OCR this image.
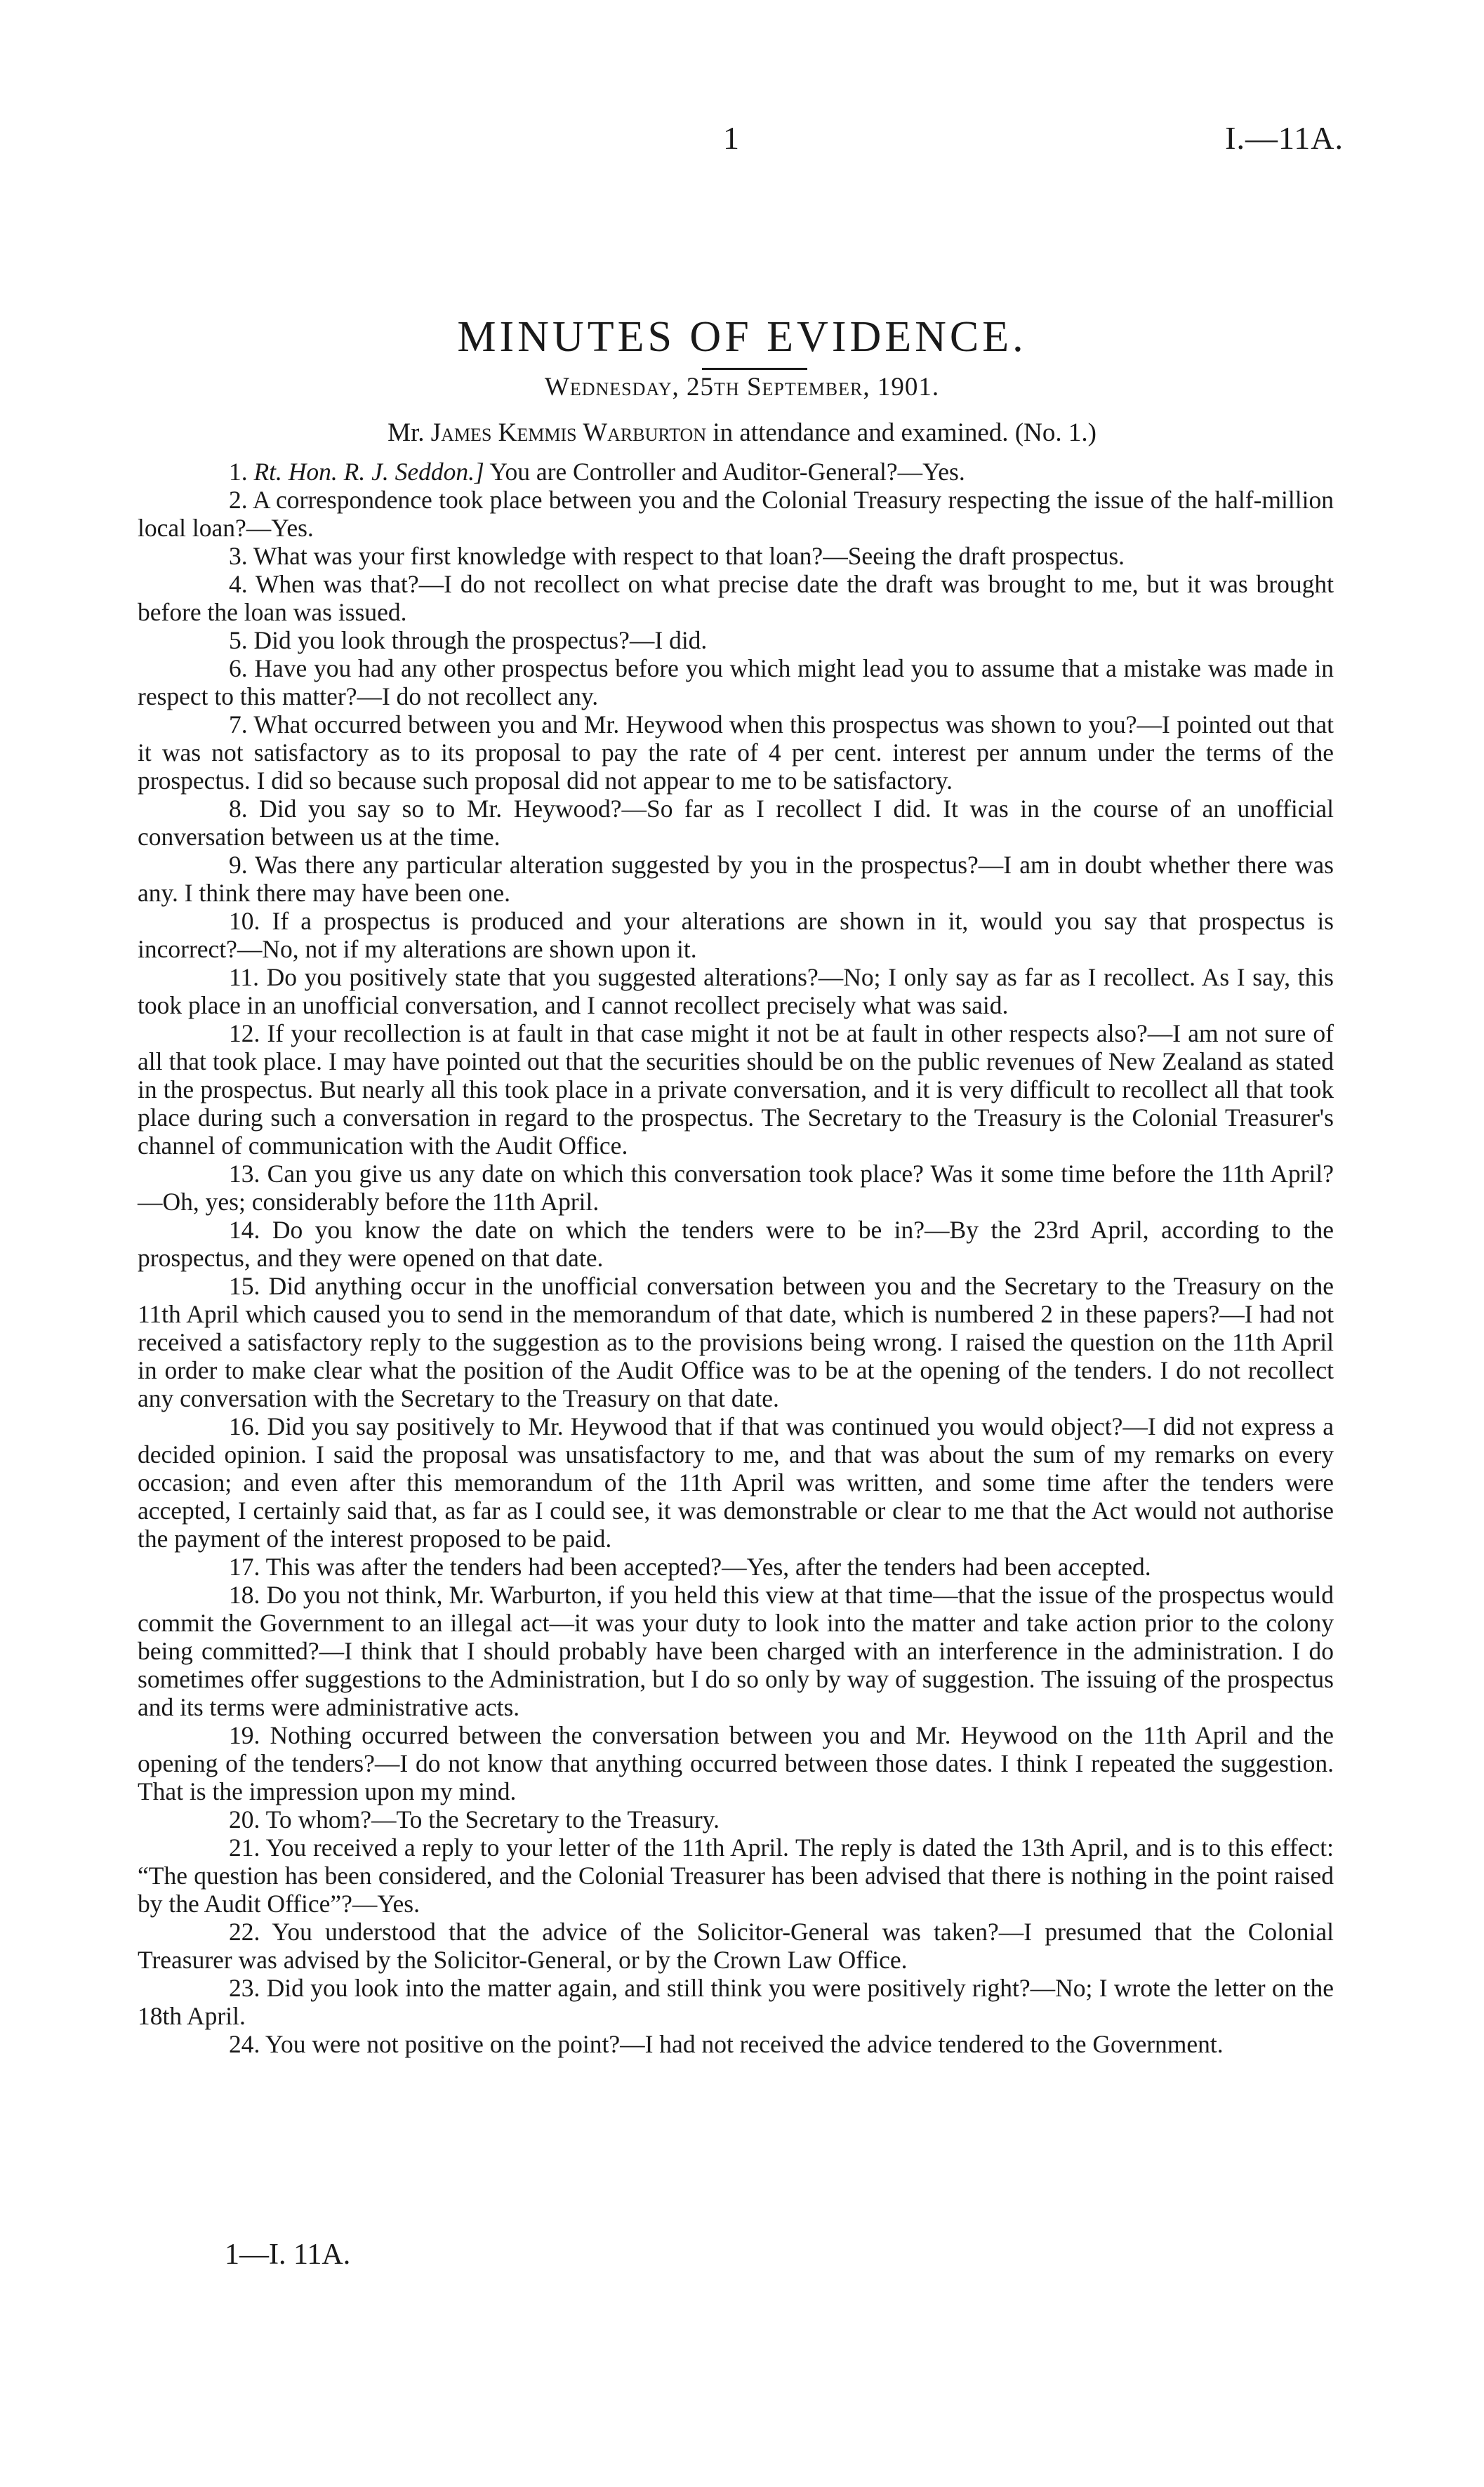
1	I.—11A.
MINUTES OF EVIDENCE.
Wednesday, 25th September, 1901.
Mr. James Kemmis Warburton in attendance and examined. (No. 1.)

1. Rt. Hon. R. J. Seddon.] You are Controller and Auditor-General?—Yes.

2. A correspondence took place between you and the Colonial Treasury respecting the issue of the half-million local loan?—Yes.

3. What was your first knowledge with respect to that loan?—Seeing the draft prospectus.

4. When was that?—I do not recollect on what precise date the draft was brought to me, but it was brought before the loan was issued.

5. Did you look through the prospectus?—I did.

6. Have you had any other prospectus before you which might lead you to assume that a mistake was made in respect to this matter?—I do not recollect any.

7. What occurred between you and Mr. Heywood when this prospectus was shown to you?—I pointed out that it was not satisfactory as to its proposal to pay the rate of 4 per cent. interest per annum under the terms of the prospectus. I did so because such proposal did not appear to me to be satisfactory.

8. Did you say so to Mr. Heywood?—So far as I recollect I did. It was in the course of an unofficial conversation between us at the time.

9. Was there any particular alteration suggested by you in the prospectus?—I am in doubt whether there was any. I think there may have been one.

10. If a prospectus is produced and your alterations are shown in it, would you say that prospectus is incorrect?—No, not if my alterations are shown upon it.

11. Do you positively state that you suggested alterations?—No; I only say as far as I recollect. As I say, this took place in an unofficial conversation, and I cannot recollect precisely what was said.

12. If your recollection is at fault in that case might it not be at fault in other respects also?—I am not sure of all that took place. I may have pointed out that the securities should be on the public revenues of New Zealand as stated in the prospectus. But nearly all this took place in a private conversation, and it is very difficult to recollect all that took place during such a conversation in regard to the prospectus. The Secretary to the Treasury is the Colonial Treasurer's channel of communication with the Audit Office.

13. Can you give us any date on which this conversation took place? Was it some time before the 11th April?—Oh, yes; considerably before the 11th April.

14. Do you know the date on which the tenders were to be in?—By the 23rd April, according to the prospectus, and they were opened on that date.

15. Did anything occur in the unofficial conversation between you and the Secretary to the Treasury on the 11th April which caused you to send in the memorandum of that date, which is numbered 2 in these papers?—I had not received a satisfactory reply to the suggestion as to the provisions being wrong. I raised the question on the 11th April in order to make clear what the position of the Audit Office was to be at the opening of the tenders. I do not recollect any conversation with the Secretary to the Treasury on that date.

16. Did you say positively to Mr. Heywood that if that was continued you would object?—I did not express a decided opinion. I said the proposal was unsatisfactory to me, and that was about the sum of my remarks on every occasion; and even after this memorandum of the 11th April was written, and some time after the tenders were accepted, I certainly said that, as far as I could see, it was demonstrable or clear to me that the Act would not authorise the payment of the interest proposed to be paid.

17. This was after the tenders had been accepted?—Yes, after the tenders had been accepted.

18. Do you not think, Mr. Warburton, if you held this view at that time—that the issue of the prospectus would commit the Government to an illegal act—it was your duty to look into the matter and take action prior to the colony being committed?—I think that I should probably have been charged with an interference in the administration. I do sometimes offer suggestions to the Administration, but I do so only by way of suggestion. The issuing of the prospectus and its terms were administrative acts.

19. Nothing occurred between the conversation between you and Mr. Heywood on the 11th April and the opening of the tenders?—I do not know that anything occurred between those dates. I think I repeated the suggestion. That is the impression upon my mind.

20. To whom?—To the Secretary to the Treasury.

21. You received a reply to your letter of the 11th April. The reply is dated the 13th April, and is to this effect: “The question has been considered, and the Colonial Treasurer has been advised that there is nothing in the point raised by the Audit Office”?—Yes.

22. You understood that the advice of the Solicitor-General was taken?—I presumed that the Colonial Treasurer was advised by the Solicitor-General, or by the Crown Law Office.

23. Did you look into the matter again, and still think you were positively right?—No; I wrote the letter on the 18th April.

24. You were not positive on the point?—I had not received the advice tendered to the Government.

1—I. 11A.
